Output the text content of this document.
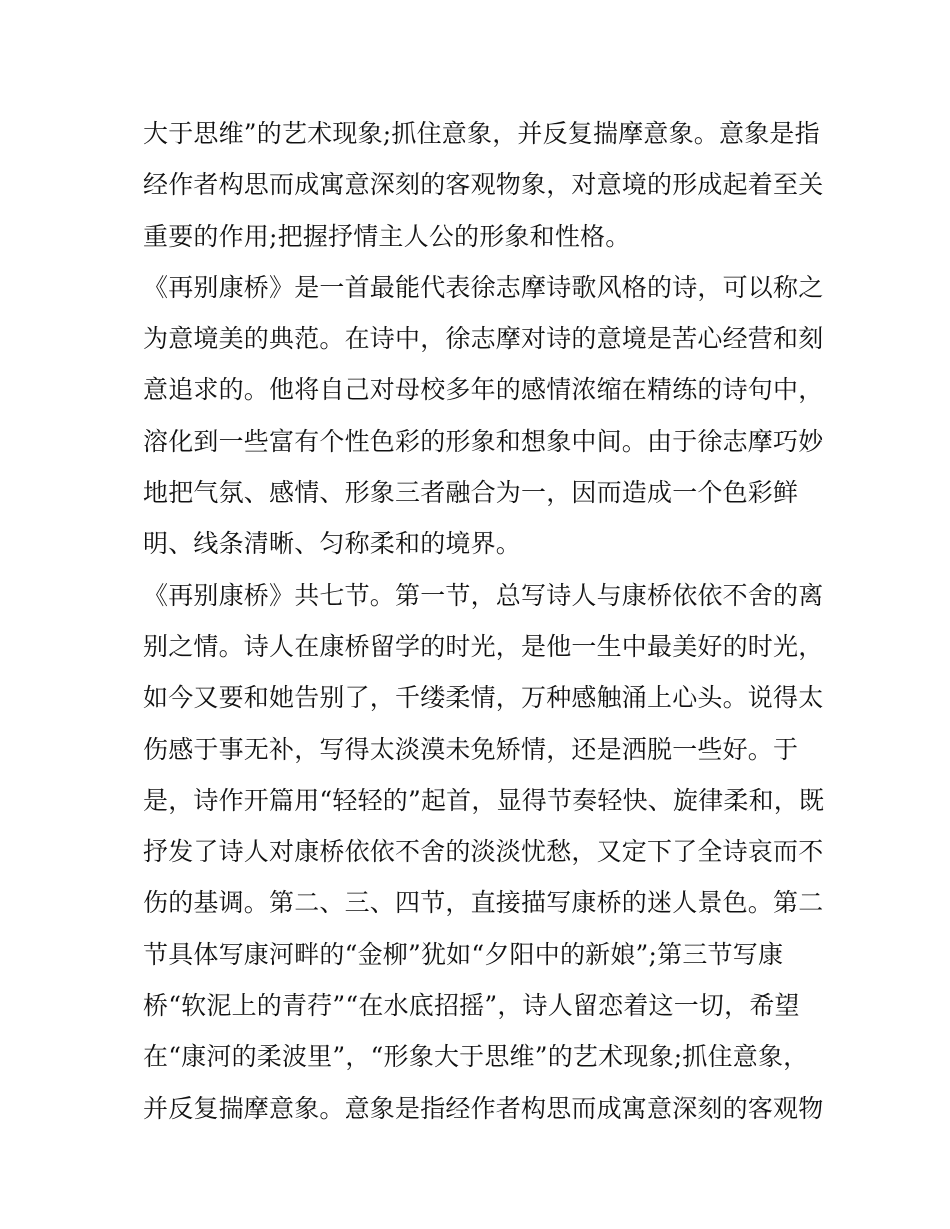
大于思维”的艺术现象;抓住意象，并反复揣摩意象。意象是指
经作者构思而成寓意深刻的客观物象，对意境的形成起着至关
重要的作用;把握抒情主人公的形象和性格。
《再别康桥》是一首最能代表徐志摩诗歌风格的诗，可以称之
为意境美的典范。在诗中，徐志摩对诗的意境是苦心经营和刻
意追求的。他将自己对母校多年的感情浓缩在精练的诗句中，
溶化到一些富有个性色彩的形象和想象中间。由于徐志摩巧妙
地把气氛、感情、形象三者融合为一，因而造成一个色彩鲜
明、线条清晰、匀称柔和的境界。
《再别康桥》共七节。第一节，总写诗人与康桥依依不舍的离
别之情。诗人在康桥留学的时光，是他一生中最美好的时光，
如今又要和她告别了，千缕柔情，万种感触涌上心头。说得太
伤感于事无补，写得太淡漠未免矫情，还是洒脱一些好。于
是，诗作开篇用“轻轻的”起首，显得节奏轻快、旋律柔和，既
抒发了诗人对康桥依依不舍的淡淡忧愁，又定下了全诗哀而不
伤的基调。第二、三、四节，直接描写康桥的迷人景色。第二
节具体写康河畔的“金柳”犹如“夕阳中的新娘”;第三节写康
桥“软泥上的青荇”“在水底招摇”，诗人留恋着这一切，希望
在“康河的柔波里”，“形象大于思维”的艺术现象;抓住意象，
并反复揣摩意象。意象是指经作者构思而成寓意深刻的客观物
